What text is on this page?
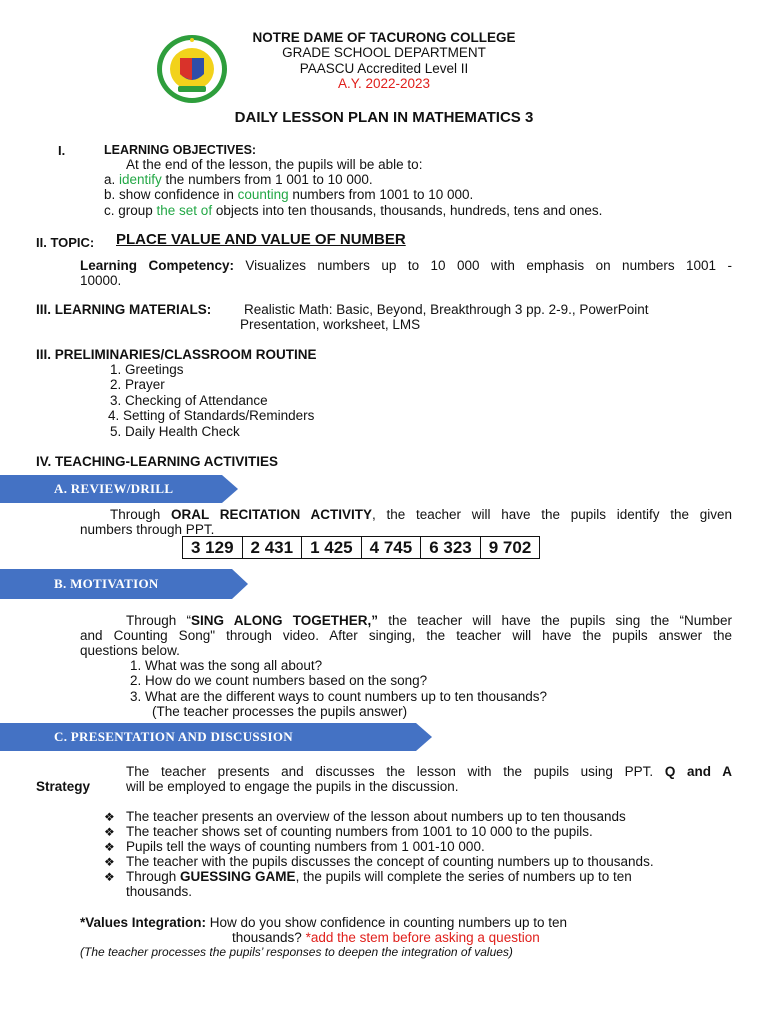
NOTRE DAME OF TACURONG COLLEGE
GRADE SCHOOL DEPARTMENT
PAASCU Accredited Level II
A.Y. 2022-2023
DAILY LESSON PLAN IN MATHEMATICS 3
I.	LEARNING OBJECTIVES:
At the end of the lesson, the pupils will be able to:
a. identify the numbers from 1 001 to 10 000.
b. show confidence in counting numbers from 1001 to 10 000.
c. group the set of objects into ten thousands, thousands, hundreds, tens and ones.
II. TOPIC: PLACE VALUE AND VALUE OF NUMBER
Learning Competency: Visualizes numbers up to 10 000 with emphasis on numbers 1001 -
10000.
III. LEARNING MATERIALS: Realistic Math: Basic, Beyond, Breakthrough 3 pp. 2-9., PowerPoint
Presentation, worksheet, LMS
III. PRELIMINARIES/CLASSROOM ROUTINE
1. Greetings
2. Prayer
3. Checking of Attendance
4. Setting of Standards/Reminders
5. Daily Health Check
IV. TEACHING-LEARNING ACTIVITIES
A. REVIEW/DRILL
Through ORAL RECITATION ACTIVITY, the teacher will have the pupils identify the given
numbers through PPT.
3 129	2 431	1 425	4 745	6 323	9 702
B. MOTIVATION
Through “SING ALONG TOGETHER,” the teacher will have the pupils sing the “Number
and Counting Song" through video. After singing, the teacher will have the pupils answer the
questions below.
1. What was the song all about?
2. How do we count numbers based on the song?
3. What are the different ways to count numbers up to ten thousands?
(The teacher processes the pupils answer)
C. PRESENTATION AND DISCUSSION
The teacher presents and discusses the lesson with the pupils using PPT. Q and A
Strategy	will be employed to engage the pupils in the discussion.
❖ The teacher presents an overview of the lesson about numbers up to ten thousands
❖ The teacher shows set of counting numbers from 1001 to 10 000 to the pupils.
❖ Pupils tell the ways of counting numbers from 1 001-10 000.
❖ The teacher with the pupils discusses the concept of counting numbers up to thousands.
❖ Through GUESSING GAME, the pupils will complete the series of numbers up to ten
thousands.
*Values Integration: How do you show confidence in counting numbers up to ten
thousands? *add the stem before asking a question
(The teacher processes the pupils’ responses to deepen the integration of values)
